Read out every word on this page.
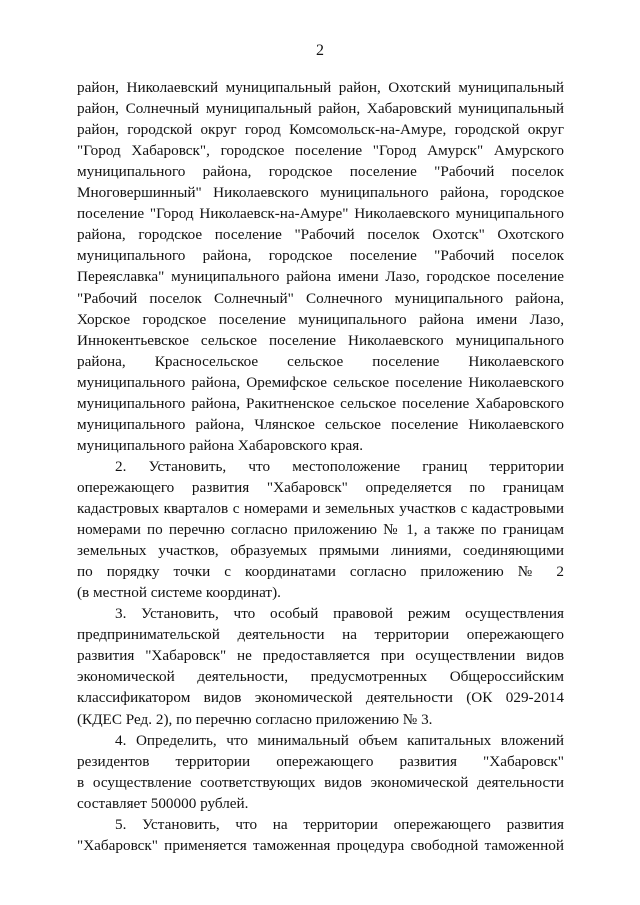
2
район, Николаевский муниципальный район, Охотский муниципальный
район, Солнечный муниципальный район, Хабаровский муниципальный
район, городской округ город Комсомольск-на-Амуре, городской округ
"Город Хабаровск", городское поселение "Город Амурск" Амурского
муниципального района, городское поселение "Рабочий поселок
Многовершинный" Николаевского муниципального района, городское
поселение "Город Николаевск-на-Амуре" Николаевского муниципального
района, городское поселение "Рабочий поселок Охотск" Охотского
муниципального района, городское поселение "Рабочий поселок
Переяславка" муниципального района имени Лазо, городское поселение
"Рабочий поселок Солнечный" Солнечного муниципального района,
Хорское городское поселение муниципального района имени Лазо,
Иннокентьевское сельское поселение Николаевского муниципального
района, Красносельское сельское поселение Николаевского
муниципального района, Оремифское сельское поселение Николаевского
муниципального района, Ракитненское сельское поселение Хабаровского
муниципального района, Члянское сельское поселение Николаевского
муниципального района Хабаровского края.
2. Установить, что местоположение границ территории
опережающего развития "Хабаровск" определяется по границам
кадастровых кварталов с номерами и земельных участков с кадастровыми
номерами по перечню согласно приложению № 1, а также по границам
земельных участков, образуемых прямыми линиями, соединяющими
по порядку точки с координатами согласно приложению № 2
(в местной системе координат).
3. Установить, что особый правовой режим осуществления
предпринимательской деятельности на территории опережающего
развития "Хабаровск" не предоставляется при осуществлении видов
экономической деятельности, предусмотренных Общероссийским
классификатором видов экономической деятельности (ОК 029-2014
(КДЕС Ред. 2), по перечню согласно приложению № 3.
4. Определить, что минимальный объем капитальных вложений
резидентов территории опережающего развития "Хабаровск"
в осуществление соответствующих видов экономической деятельности
составляет 500000 рублей.
5. Установить, что на территории опережающего развития
"Хабаровск" применяется таможенная процедура свободной таможенной
